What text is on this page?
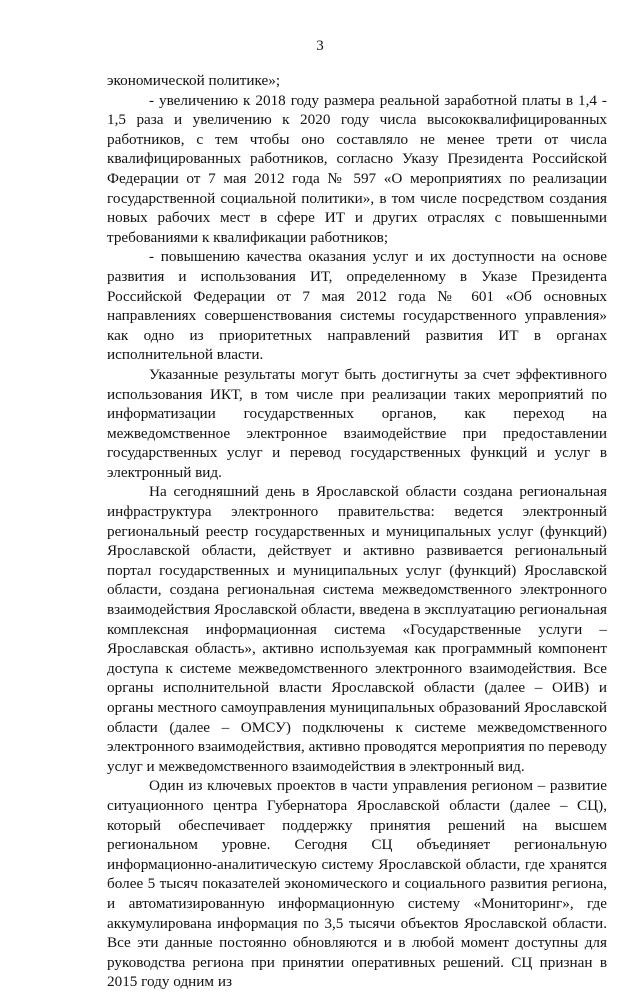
3

экономической политике»;

- увеличению к 2018 году размера реальной заработной платы в 1,4 - 1,5 раза и увеличению к 2020 году числа высококвалифицированных работников, с тем чтобы оно составляло не менее трети от числа квалифицированных работников, согласно Указу Президента Российской Федерации от 7 мая 2012 года № 597 «О мероприятиях по реализации государственной социальной политики», в том числе посредством создания новых рабочих мест в сфере ИТ и других отраслях с повышенными требованиями к квалификации работников;

- повышению качества оказания услуг и их доступности на основе развития и использования ИТ, определенному в Указе Президента Российской Федерации от 7 мая 2012 года № 601 «Об основных направлениях совершенствования системы государственного управления» как одно из приоритетных направлений развития ИТ в органах исполнительной власти.

Указанные результаты могут быть достигнуты за счет эффективного использования ИКТ, в том числе при реализации таких мероприятий по информатизации государственных органов, как переход на межведомственное электронное взаимодействие при предоставлении государственных услуг и перевод государственных функций и услуг в электронный вид.

На сегодняшний день в Ярославской области создана региональная инфраструктура электронного правительства: ведется электронный региональный реестр государственных и муниципальных услуг (функций) Ярославской области, действует и активно развивается региональный портал государственных и муниципальных услуг (функций) Ярославской области, создана региональная система межведомственного электронного взаимодействия Ярославской области, введена в эксплуатацию региональная комплексная информационная система «Государственные услуги – Ярославская область», активно используемая как программный компонент доступа к системе межведомственного электронного взаимодействия. Все органы исполнительной власти Ярославской области (далее – ОИВ) и органы местного самоуправления муниципальных образований Ярославской области (далее – ОМСУ) подключены к системе межведомственного электронного взаимодействия, активно проводятся мероприятия по переводу услуг и межведомственного взаимодействия в электронный вид.

Один из ключевых проектов в части управления регионом – развитие ситуационного центра Губернатора Ярославской области (далее – СЦ), который обеспечивает поддержку принятия решений на высшем региональном уровне. Сегодня СЦ объединяет региональную информационно-аналитическую систему Ярославской области, где хранятся более 5 тысяч показателей экономического и социального развития региона, и автоматизированную информационную систему «Мониторинг», где аккумулирована информация по 3,5 тысячи объектов Ярославской области. Все эти данные постоянно обновляются и в любой момент доступны для руководства региона при принятии оперативных решений. СЦ признан в 2015 году одним из
